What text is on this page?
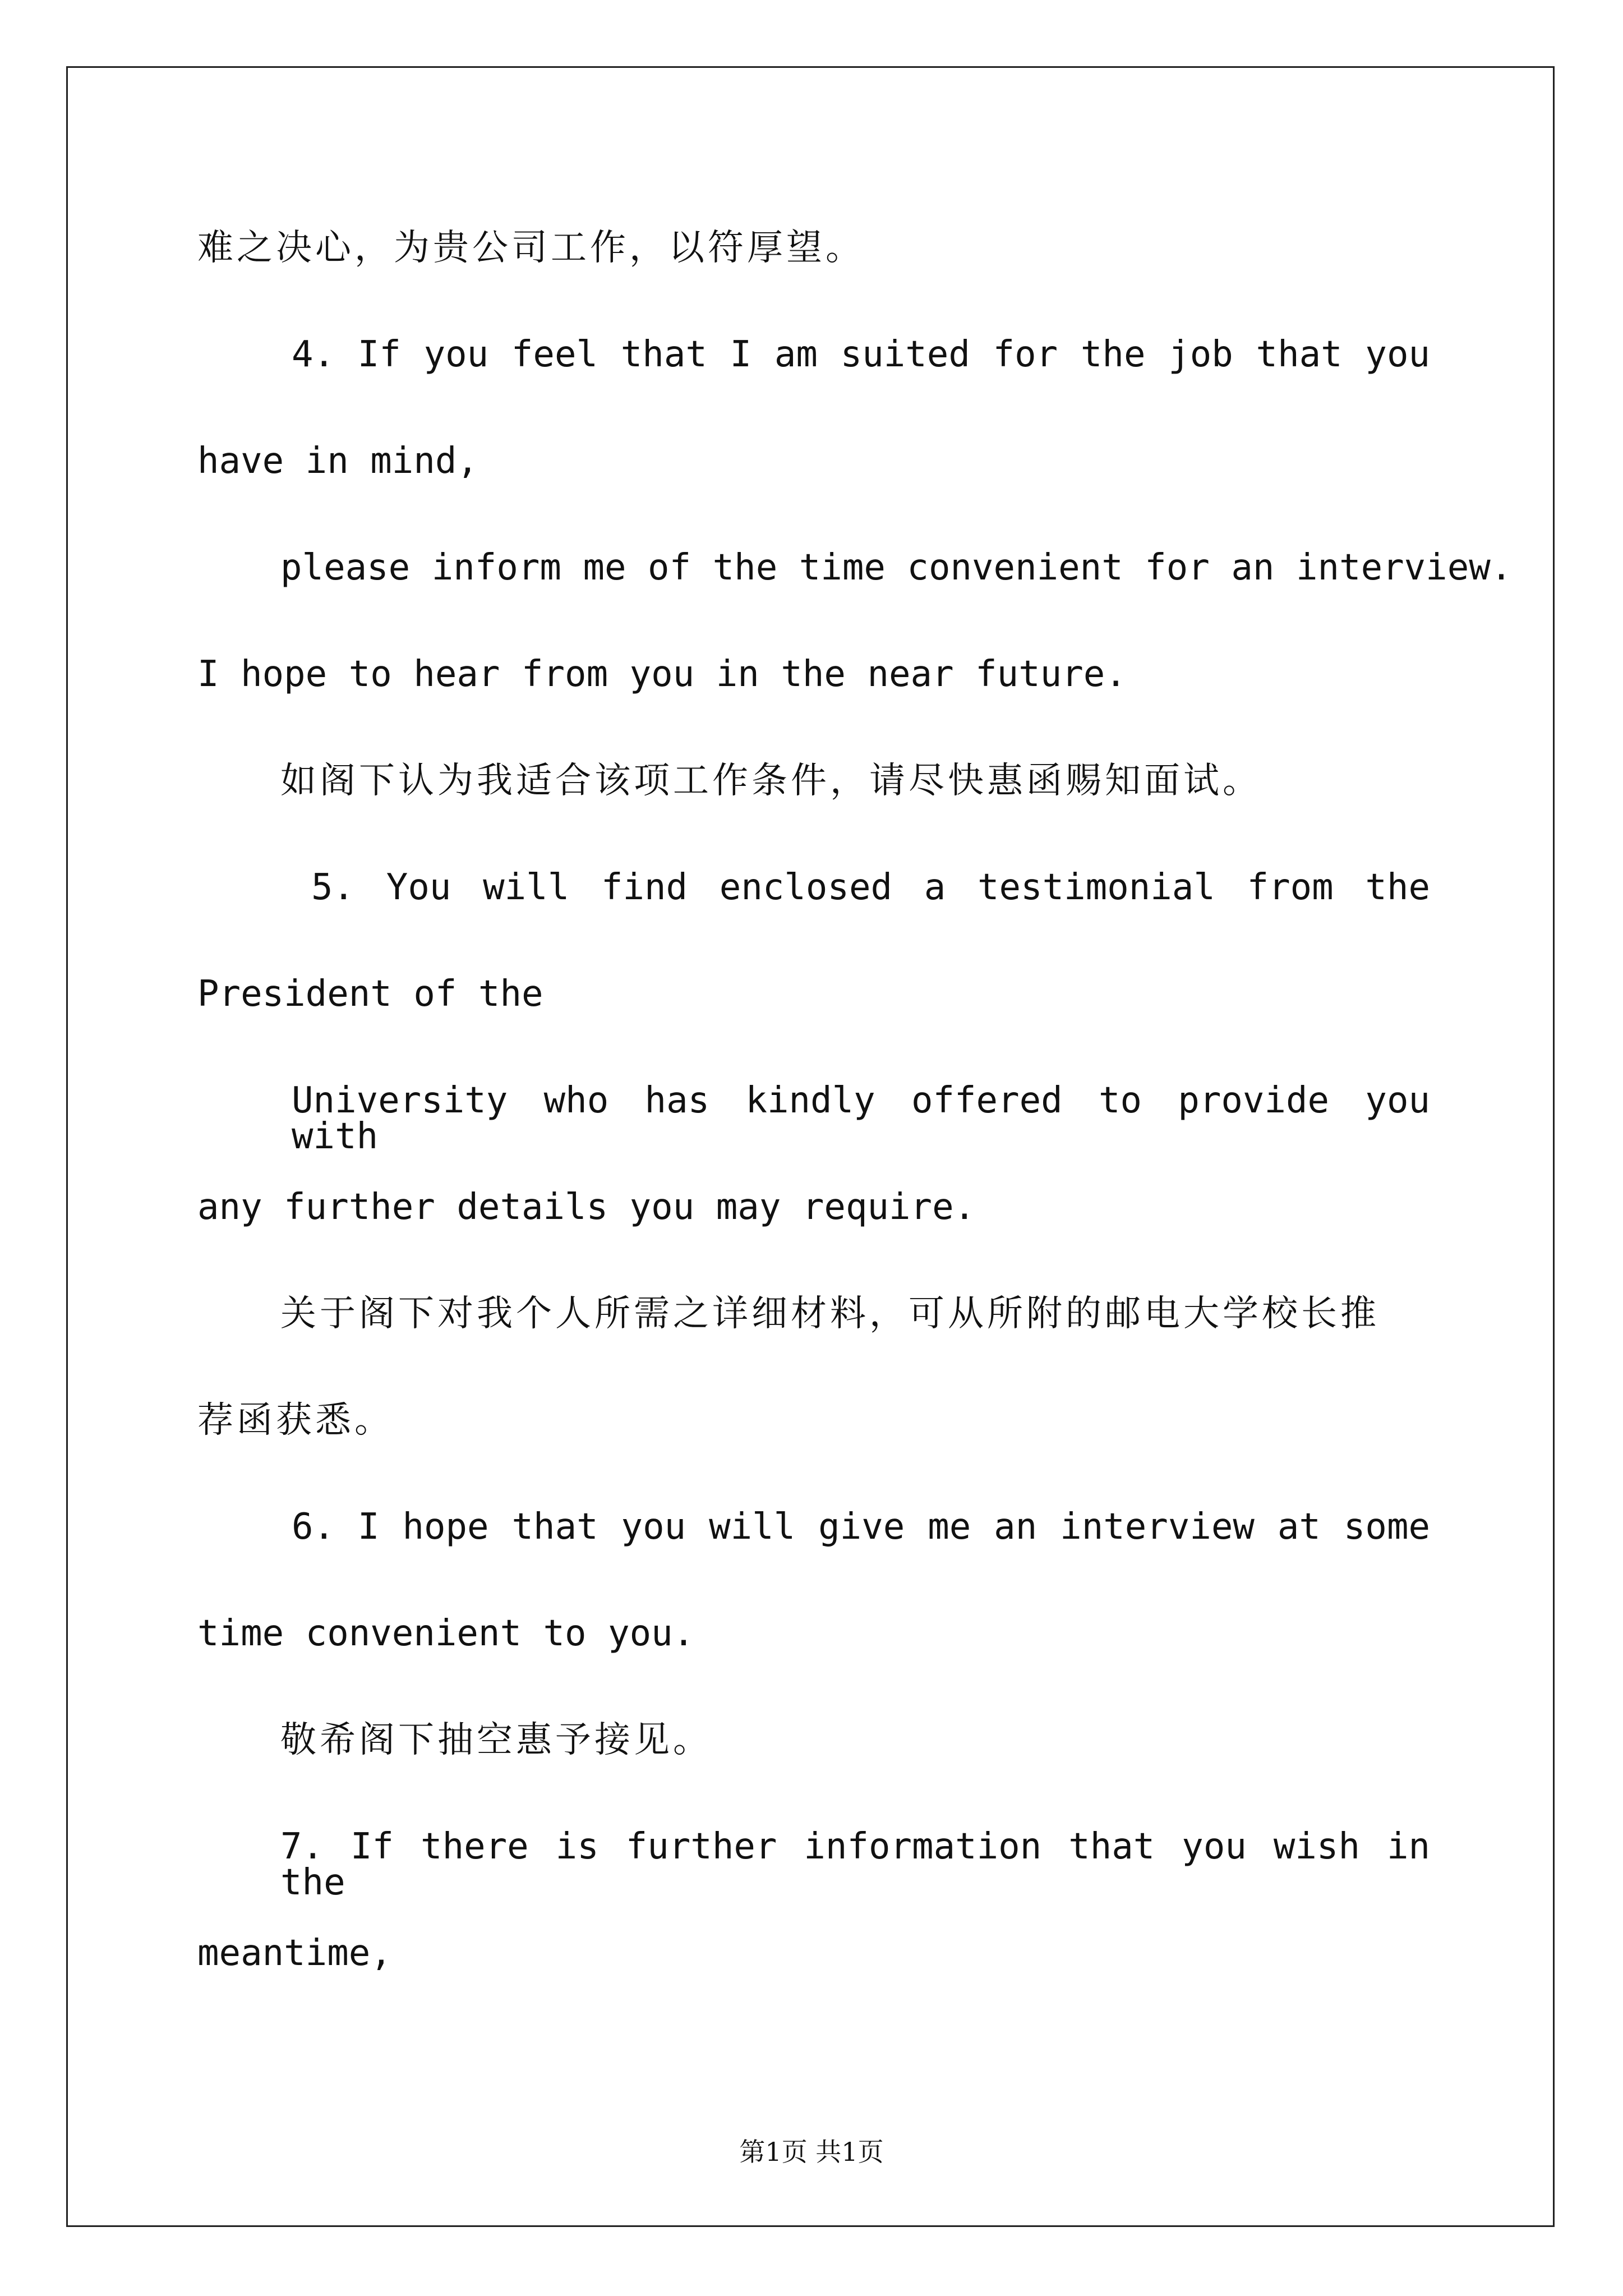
难之决心，为贵公司工作，以符厚望。
4. If you feel that I am suited for the job that you
have in mind,
please inform me of the time convenient for an interview.
I hope to hear from you in the near future.
如阁下认为我适合该项工作条件，请尽快惠函赐知面试。
5. You will find enclosed a testimonial from the
President of the
University who has kindly offered to provide you with
any further details you may require.
关于阁下对我个人所需之详细材料，可从所附的邮电大学校长推
荐函获悉。
6. I hope that you will give me an interview at some
time convenient to you.
敬希阁下抽空惠予接见。
7. If there is further information that you wish in the
meantime,
第1页 共1页
